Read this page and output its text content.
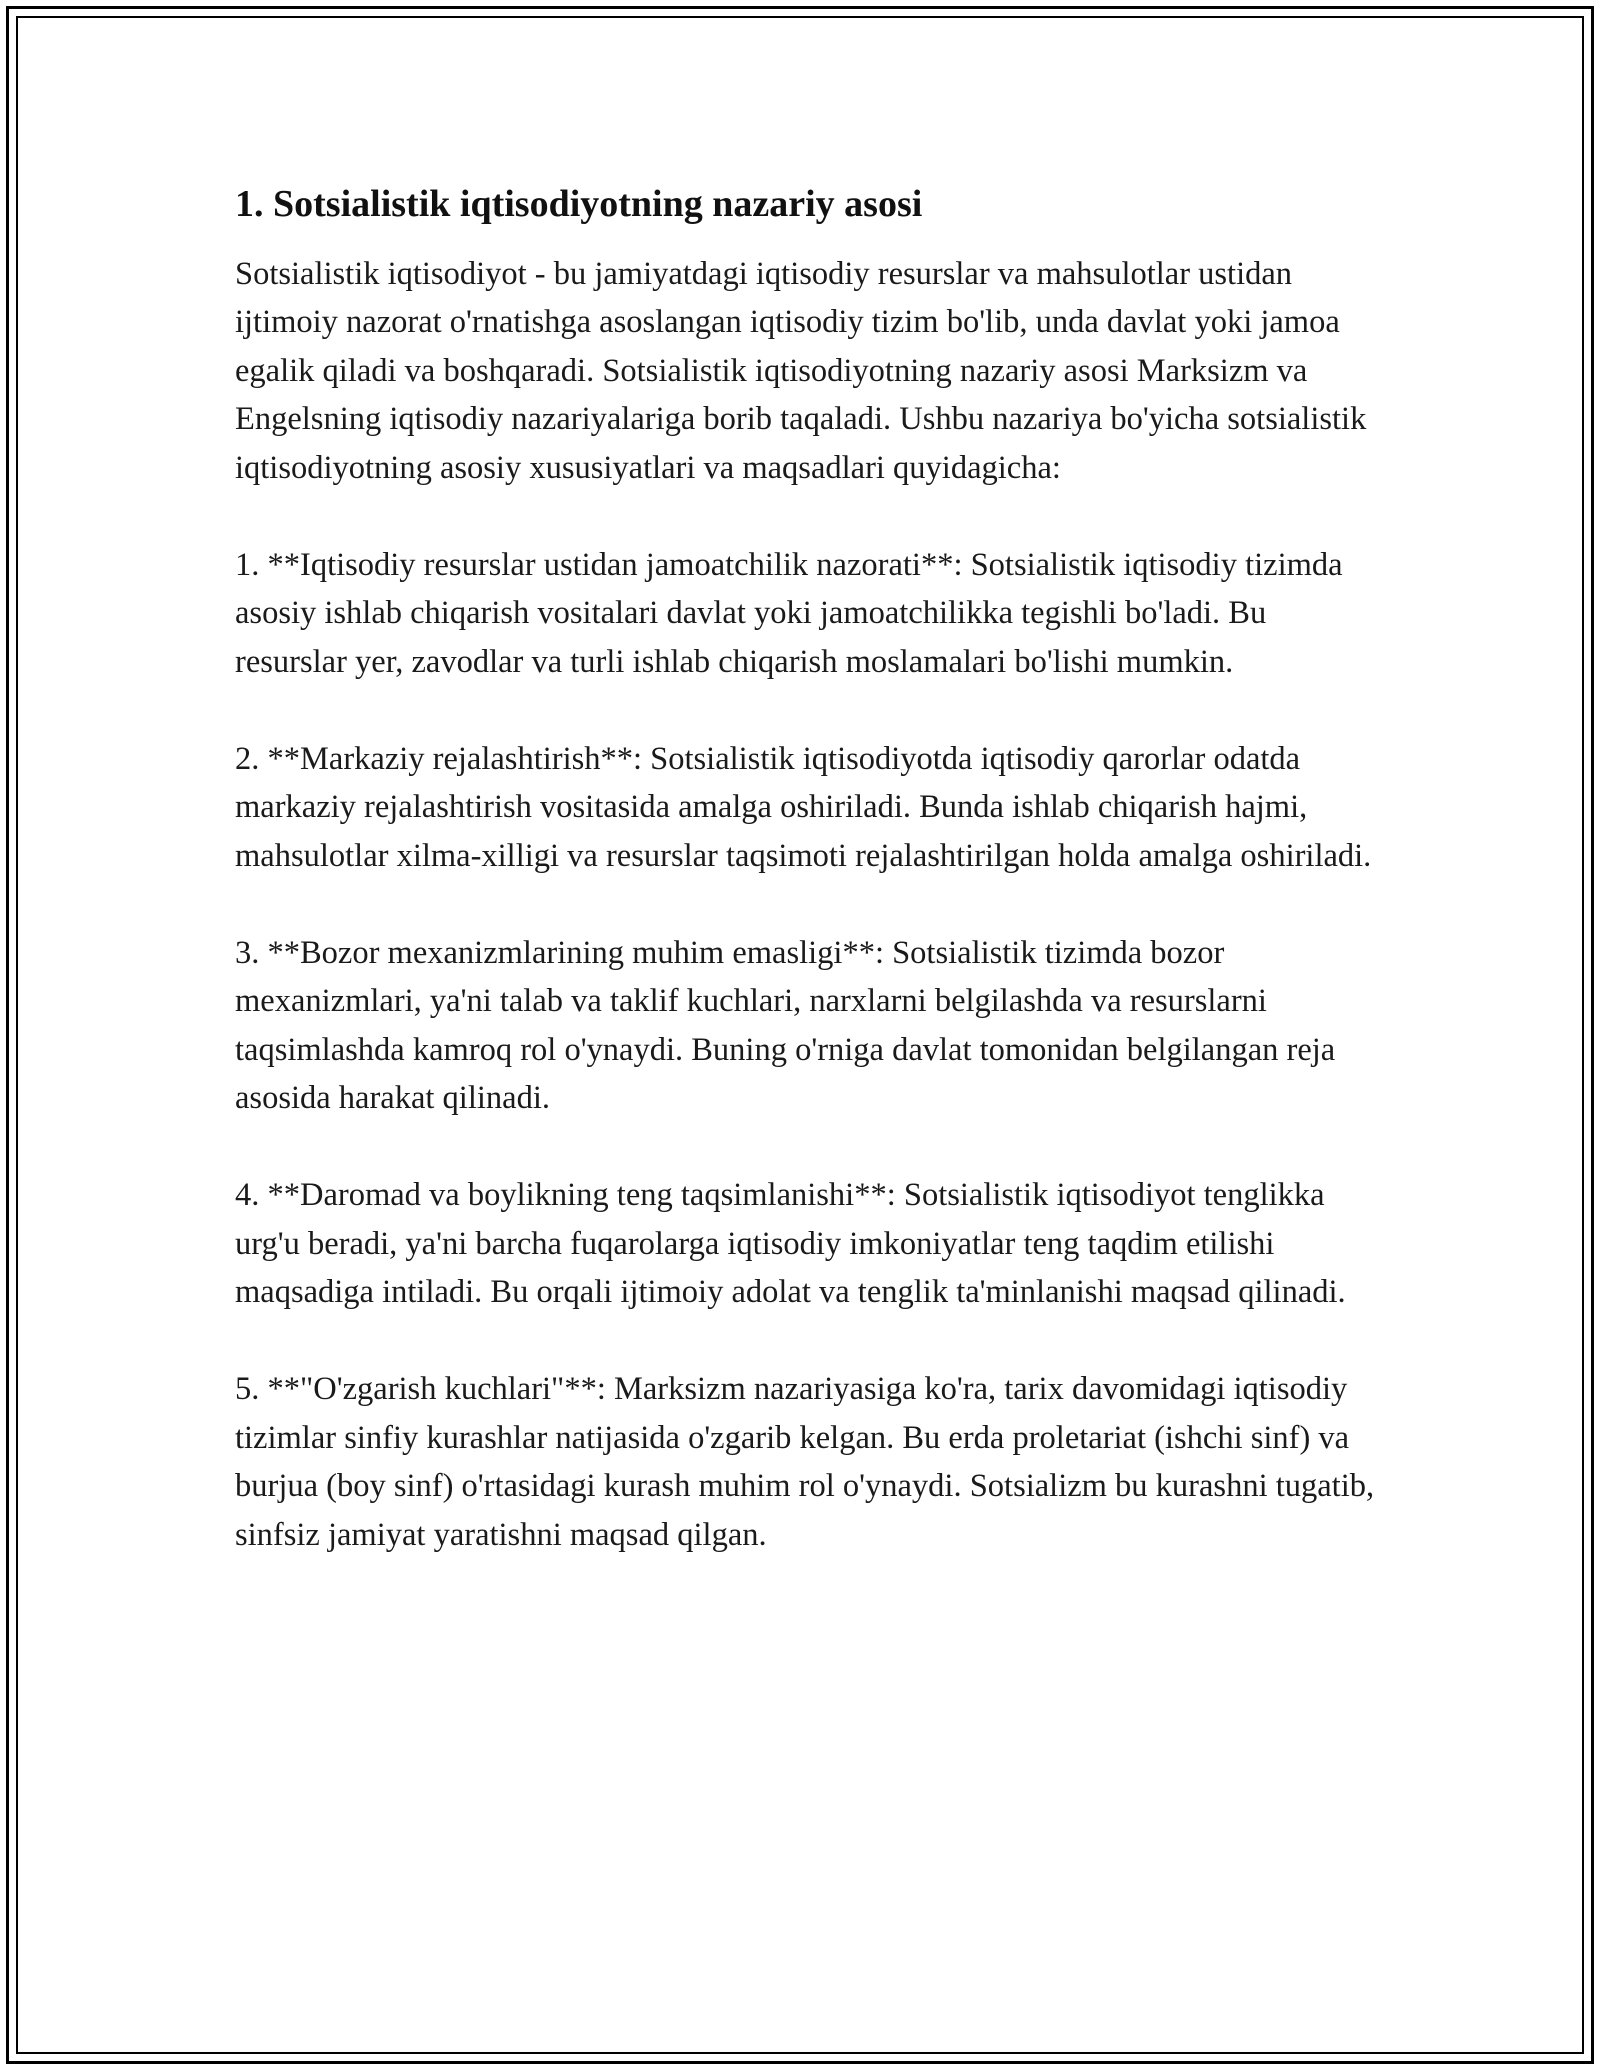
1. Sotsialistik iqtisodiyotning nazariy asosi

Sotsialistik iqtisodiyot - bu jamiyatdagi iqtisodiy resurslar va mahsulotlar ustidan ijtimoiy nazorat o'rnatishga asoslangan iqtisodiy tizim bo'lib, unda davlat yoki jamoa egalik qiladi va boshqaradi. Sotsialistik iqtisodiyotning nazariy asosi Marksizm va Engelsning iqtisodiy nazariyalariga borib taqaladi. Ushbu nazariya bo'yicha sotsialistik iqtisodiyotning asosiy xususiyatlari va maqsadlari quyidagicha:

1. **Iqtisodiy resurslar ustidan jamoatchilik nazorati**: Sotsialistik iqtisodiy tizimda asosiy ishlab chiqarish vositalari davlat yoki jamoatchilikka tegishli bo'ladi. Bu resurslar yer, zavodlar va turli ishlab chiqarish moslamalari bo'lishi mumkin.

2. **Markaziy rejalashtirish**: Sotsialistik iqtisodiyotda iqtisodiy qarorlar odatda markaziy rejalashtirish vositasida amalga oshiriladi. Bunda ishlab chiqarish hajmi, mahsulotlar xilma-xilligi va resurslar taqsimoti rejalashtirilgan holda amalga oshiriladi.

3. **Bozor mexanizmlarining muhim emasligi**: Sotsialistik tizimda bozor mexanizmlari, ya'ni talab va taklif kuchlari, narxlarni belgilashda va resurslarni taqsimlashda kamroq rol o'ynaydi. Buning o'rniga davlat tomonidan belgilangan reja asosida harakat qilinadi.

4. **Daromad va boylikning teng taqsimlanishi**: Sotsialistik iqtisodiyot tenglikka urg'u beradi, ya'ni barcha fuqarolarga iqtisodiy imkoniyatlar teng taqdim etilishi maqsadiga intiladi. Bu orqali ijtimoiy adolat va tenglik ta'minlanishi maqsad qilinadi.

5. **"O'zgarish kuchlari"**: Marksizm nazariyasiga ko'ra, tarix davomidagi iqtisodiy tizimlar sinfiy kurashlar natijasida o'zgarib kelgan. Bu erda proletariat (ishchi sinf) va burjua (boy sinf) o'rtasidagi kurash muhim rol o'ynaydi. Sotsializm bu kurashni tugatib, sinfsiz jamiyat yaratishni maqsad qilgan.
